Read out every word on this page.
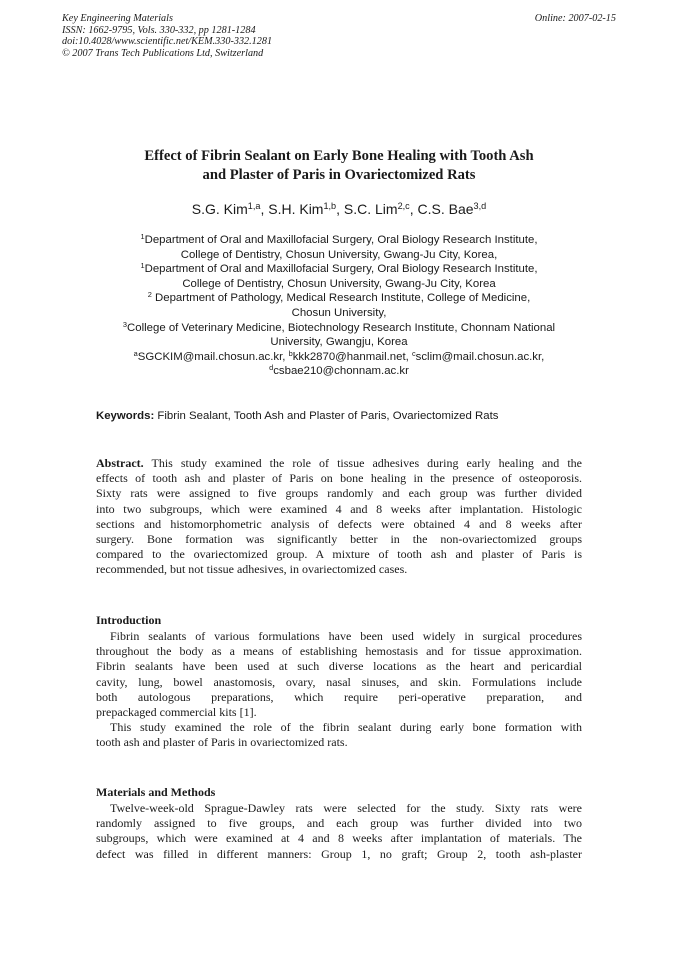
Key Engineering Materials
ISSN: 1662-9795, Vols. 330-332, pp 1281-1284
doi:10.4028/www.scientific.net/KEM.330-332.1281
© 2007 Trans Tech Publications Ltd, Switzerland
Online: 2007-02-15
Effect of Fibrin Sealant on Early Bone Healing with Tooth Ash
and Plaster of Paris in Ovariectomized Rats
S.G. Kim$^{1,a}$, S.H. Kim$^{1,b}$, S.C. Lim$^{2,c}$, C.S. Bae$^{3,d}$
$^1$Department of Oral and Maxillofacial Surgery, Oral Biology Research Institute,
College of Dentistry, Chosun University, Gwang-Ju City, Korea,
$^1$Department of Oral and Maxillofacial Surgery, Oral Biology Research Institute,
College of Dentistry, Chosun University, Gwang-Ju City, Korea
$^2$ Department of Pathology, Medical Research Institute, College of Medicine,
Chosun University,
$^3$College of Veterinary Medicine, Biotechnology Research Institute, Chonnam National
University, Gwangju, Korea
$^a$SGCKIM@mail.chosun.ac.kr, $^b$kkk2870@hanmail.net, $^c$sclim@mail.chosun.ac.kr,
$^d$csbae210@chonnam.ac.kr
Keywords: Fibrin Sealant, Tooth Ash and Plaster of Paris, Ovariectomized Rats
Abstract. This study examined the role of tissue adhesives during early healing and the
effects of tooth ash and plaster of Paris on bone healing in the presence of osteoporosis.
Sixty rats were assigned to five groups randomly and each group was further divided
into two subgroups, which were examined 4 and 8 weeks after implantation. Histologic
sections and histomorphometric analysis of defects were obtained 4 and 8 weeks after
surgery. Bone formation was significantly better in the non-ovariectomized groups
compared to the ovariectomized group. A mixture of tooth ash and plaster of Paris is
recommended, but not tissue adhesives, in ovariectomized cases.
Introduction
Fibrin sealants of various formulations have been used widely in surgical procedures
throughout the body as a means of establishing hemostasis and for tissue approximation.
Fibrin sealants have been used at such diverse locations as the heart and pericardial
cavity, lung, bowel anastomosis, ovary, nasal sinuses, and skin. Formulations include
both autologous preparations, which require peri-operative preparation, and
prepackaged commercial kits [1].
This study examined the role of the fibrin sealant during early bone formation with
tooth ash and plaster of Paris in ovariectomized rats.
Materials and Methods
Twelve-week-old Sprague-Dawley rats were selected for the study. Sixty rats were
randomly assigned to five groups, and each group was further divided into two
subgroups, which were examined at 4 and 8 weeks after implantation of materials. The
defect was filled in different manners: Group 1, no graft; Group 2, tooth ash-plaster
